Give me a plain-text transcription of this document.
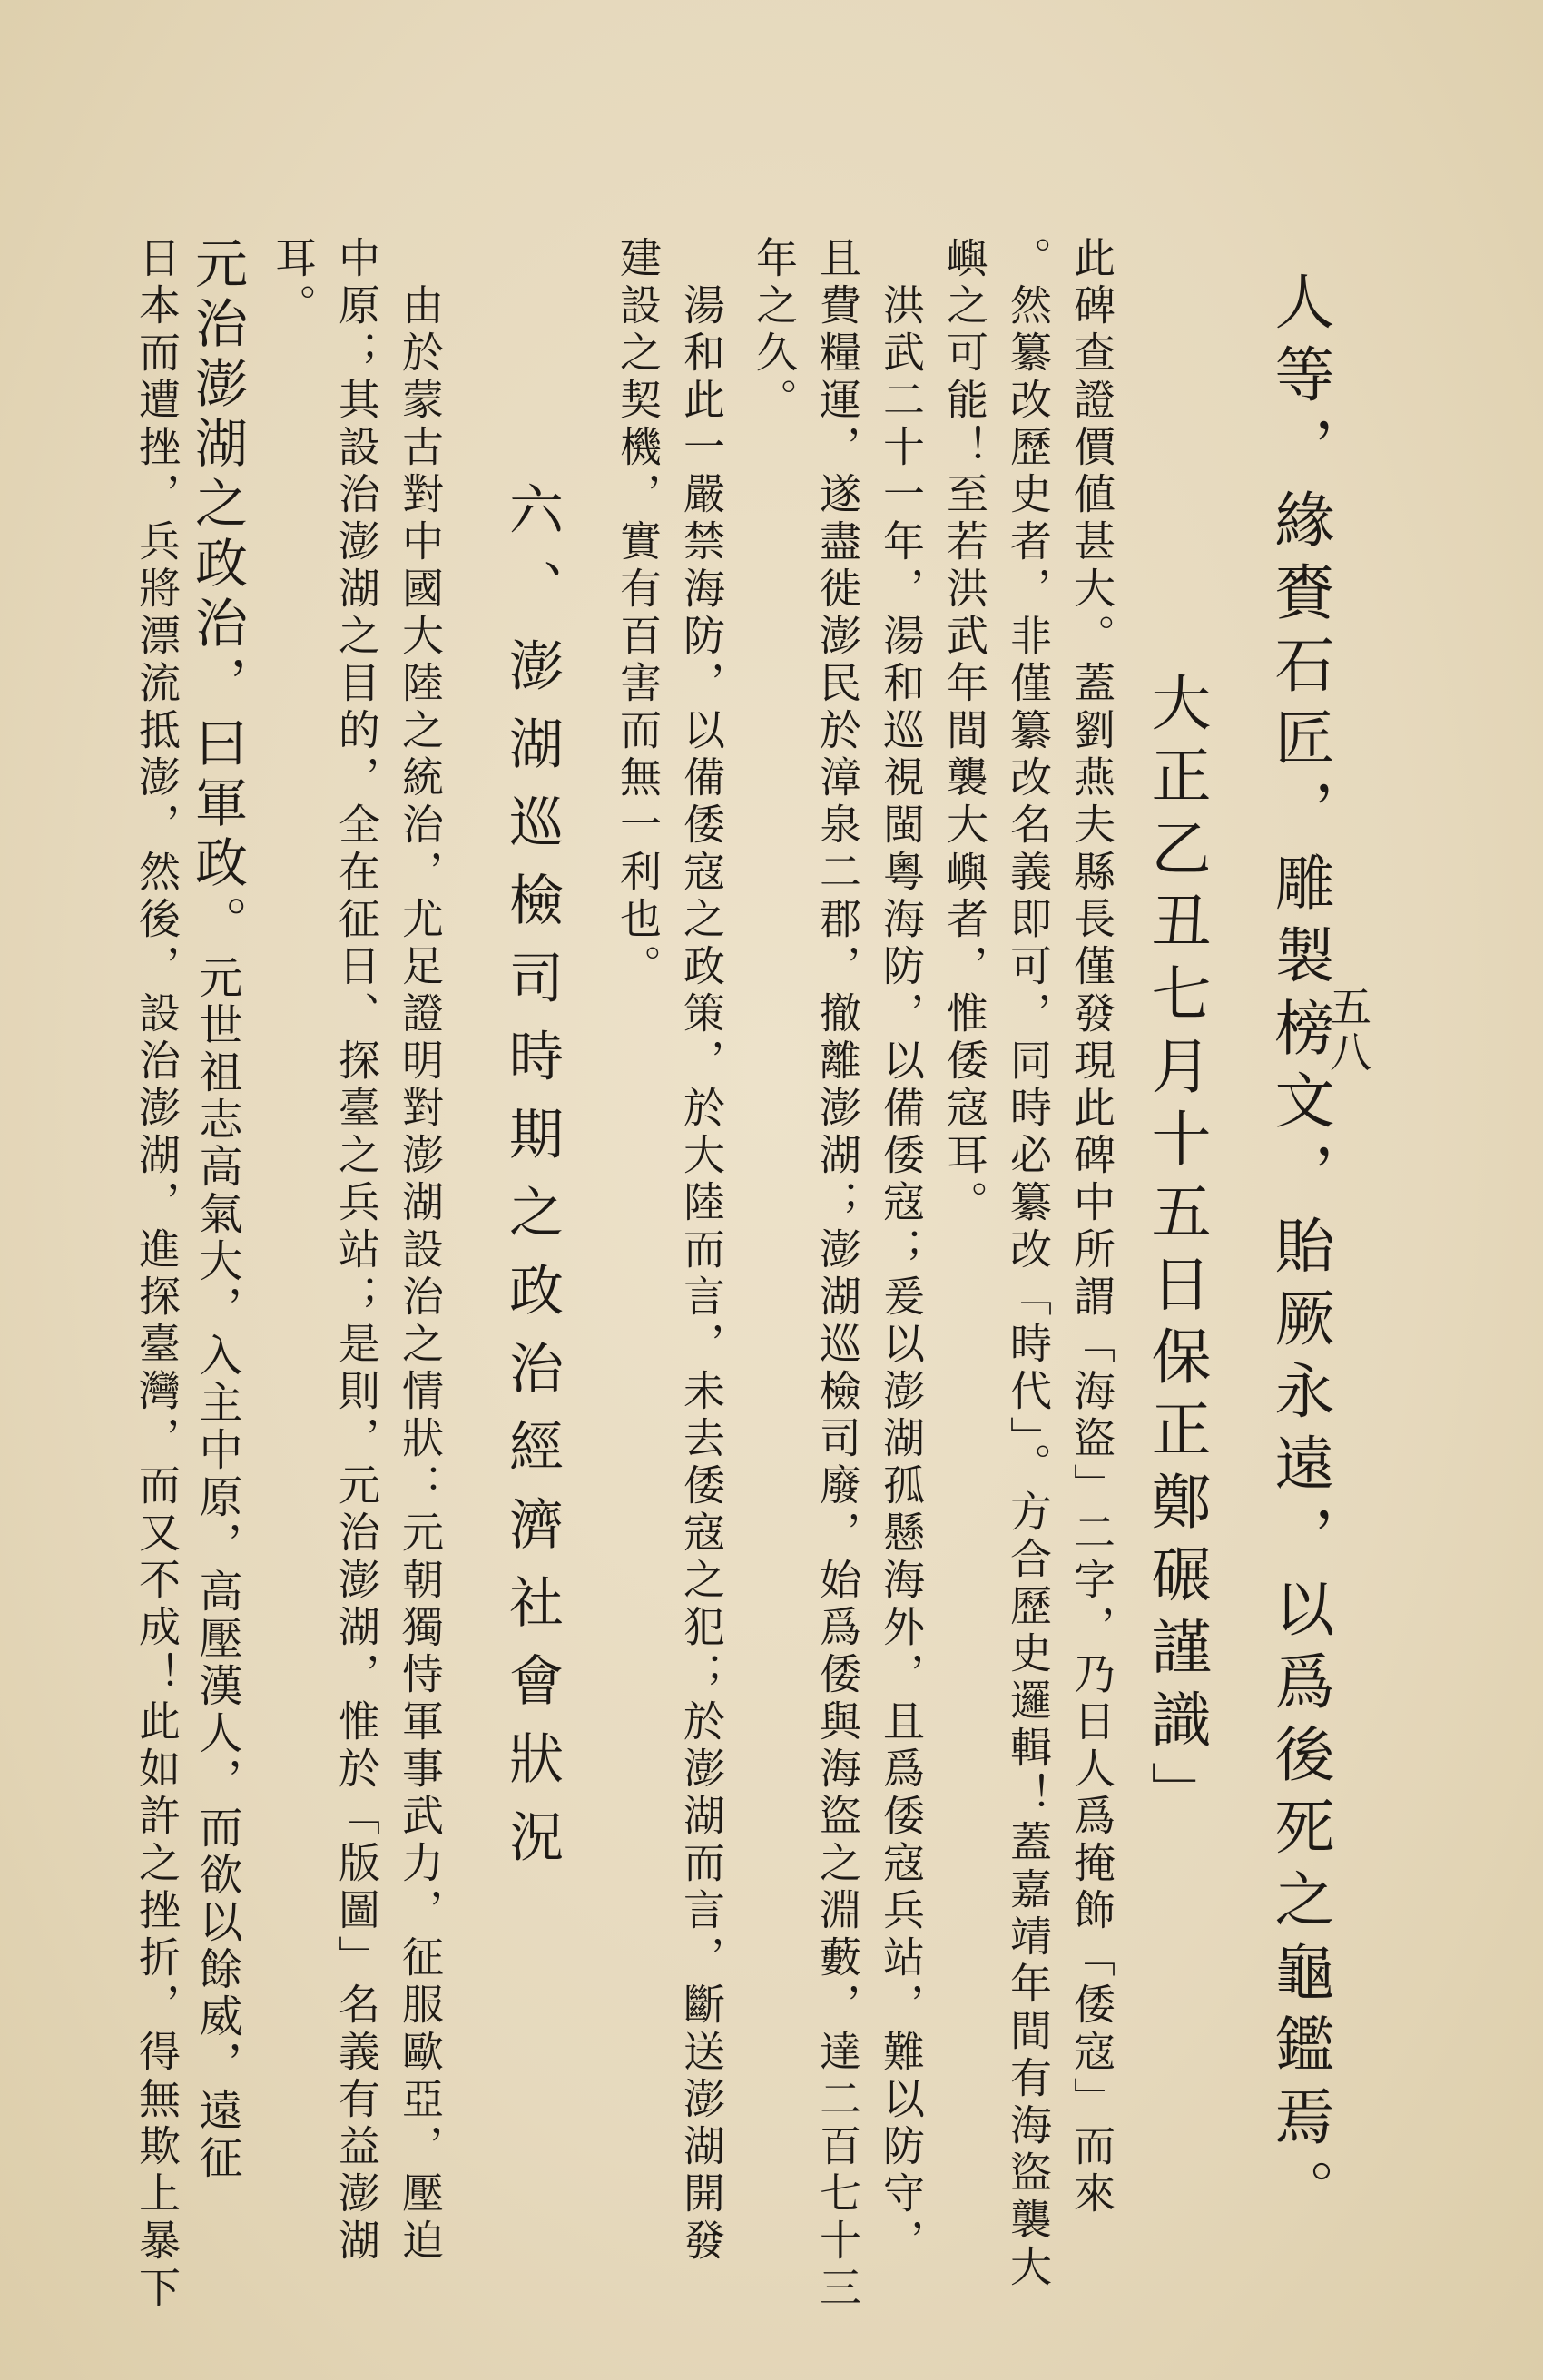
五八
人等，緣賚石匠，雕製榜文，貽厥永遠，以爲後死之龜鑑焉。
大正乙丑七月十五日保正鄭碾謹識」
此碑查證價値甚大。蓋劉燕夫縣長僅發現此碑中所謂「海盜」二字，乃日人爲掩飾「倭寇」而來
。然纂改歷史者，非僅纂改名義即可，同時必纂改「時代」。方合歷史邏輯！蓋嘉靖年間有海盜襲大
嶼之可能！至若洪武年間襲大嶼者，惟倭寇耳。
　洪武二十一年，湯和巡視閩粵海防，以備倭寇；爰以澎湖孤懸海外，且爲倭寇兵站，難以防守，
且費糧運，遂盡徙澎民於漳泉二郡，撤離澎湖；澎湖巡檢司廢，始爲倭與海盜之淵藪，達二百七十三
年之久。
　湯和此一嚴禁海防，以備倭寇之政策，於大陸而言，未去倭寇之犯；於澎湖而言，斷送澎湖開發
建設之契機，實有百害而無一利也。
六、澎湖巡檢司時期之政治經濟社會狀況
　由於蒙古對中國大陸之統治，尤足證明對澎湖設治之情狀：元朝獨恃軍事武力，征服歐亞，壓迫
中原；其設治澎湖之目的，全在征日、探臺之兵站；是則，元治澎湖，惟於「版圖」名義有益澎湖
耳。
元治澎湖之政治，曰軍政。元世祖志高氣大，入主中原，高壓漢人，而欲以餘威，遠征
日本而遭挫，兵將漂流抵澎，然後，設治澎湖，進探臺灣，而又不成！此如許之挫折，得無欺上暴下
